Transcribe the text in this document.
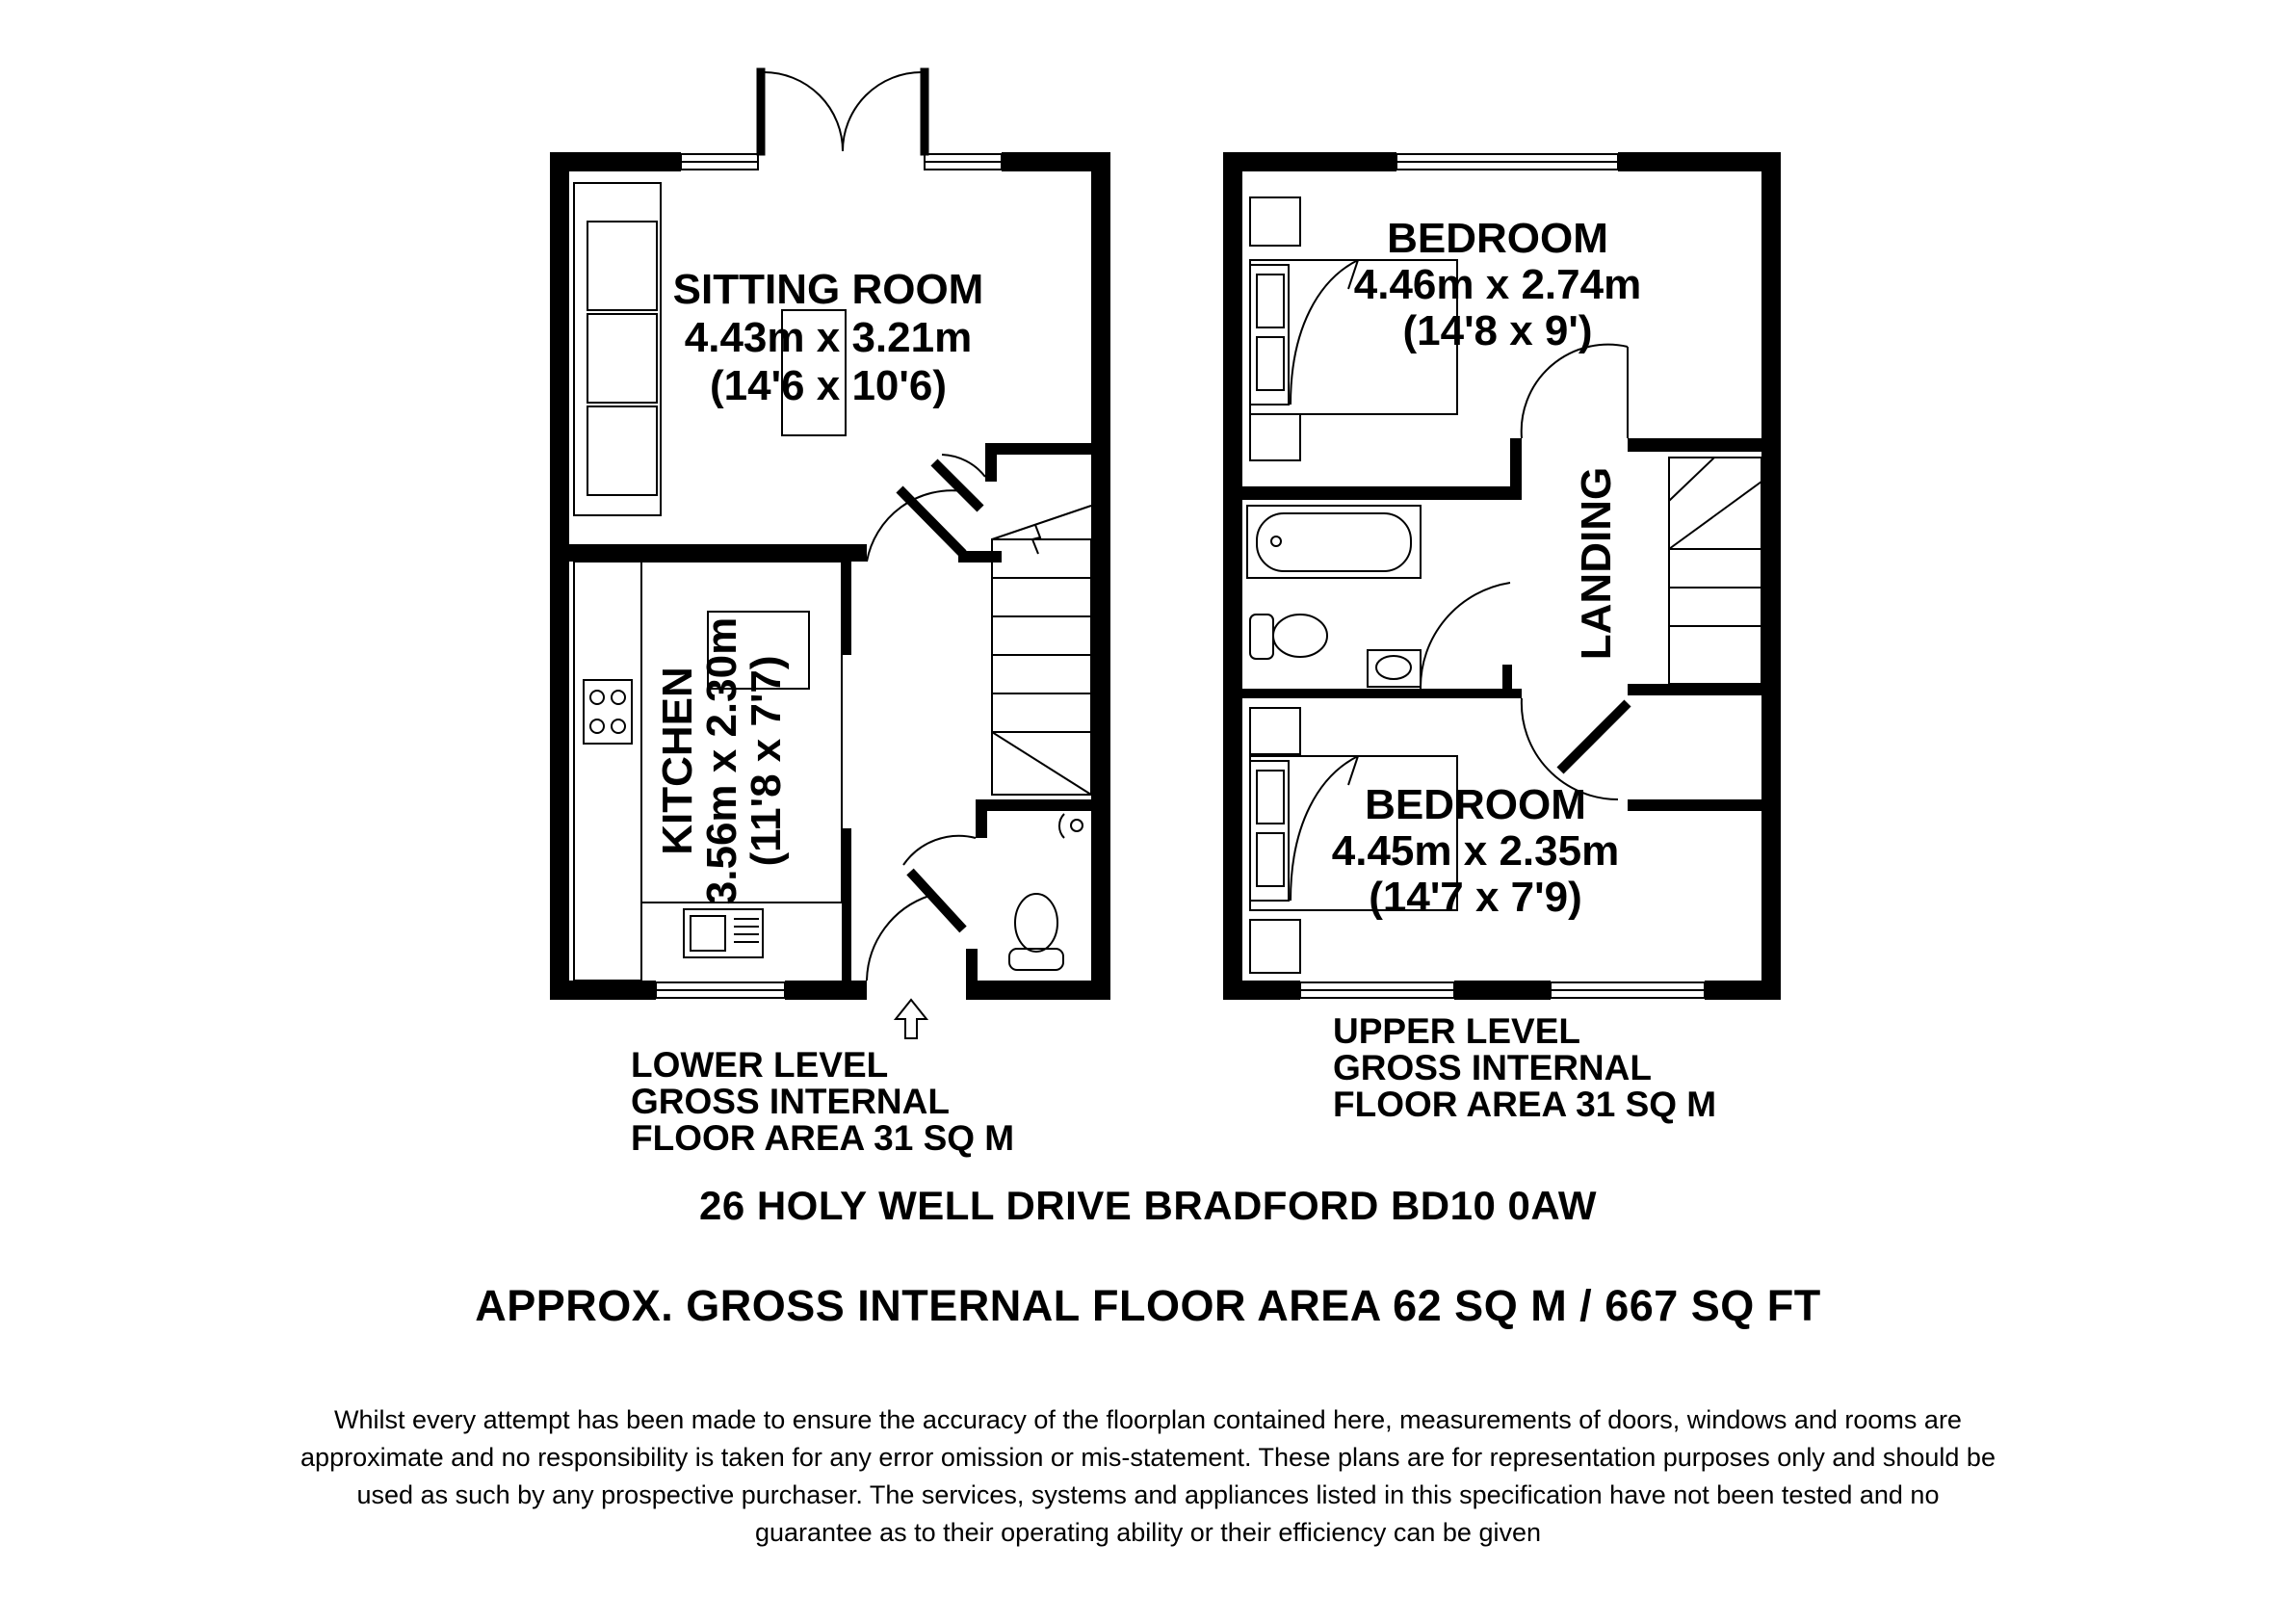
SITTING ROOM
4.43m x 3.21m
(14'6 x 10'6)
KITCHEN
3.56m x 2.30m
(11'8 x 7'7)
LOWER LEVEL
GROSS INTERNAL
FLOOR AREA 31 SQ M
BEDROOM
4.46m x 2.74m
(14'8 x 9')
BEDROOM
4.45m x 2.35m
(14'7 x 7'9)
LANDING
UPPER LEVEL
GROSS INTERNAL
FLOOR AREA 31 SQ M
26 HOLY WELL DRIVE BRADFORD BD10 0AW
APPROX. GROSS INTERNAL FLOOR AREA 62 SQ M / 667 SQ FT
Whilst every attempt has been made to ensure the accuracy of the floorplan contained here, measurements of doors, windows and rooms are
approximate and no responsibility is taken for any error omission or mis-statement. These plans are for representation purposes only and should be
used as such by any prospective purchaser. The services, systems and appliances listed in this specification have not been tested and no
guarantee as to their operating ability or their efficiency can be given
